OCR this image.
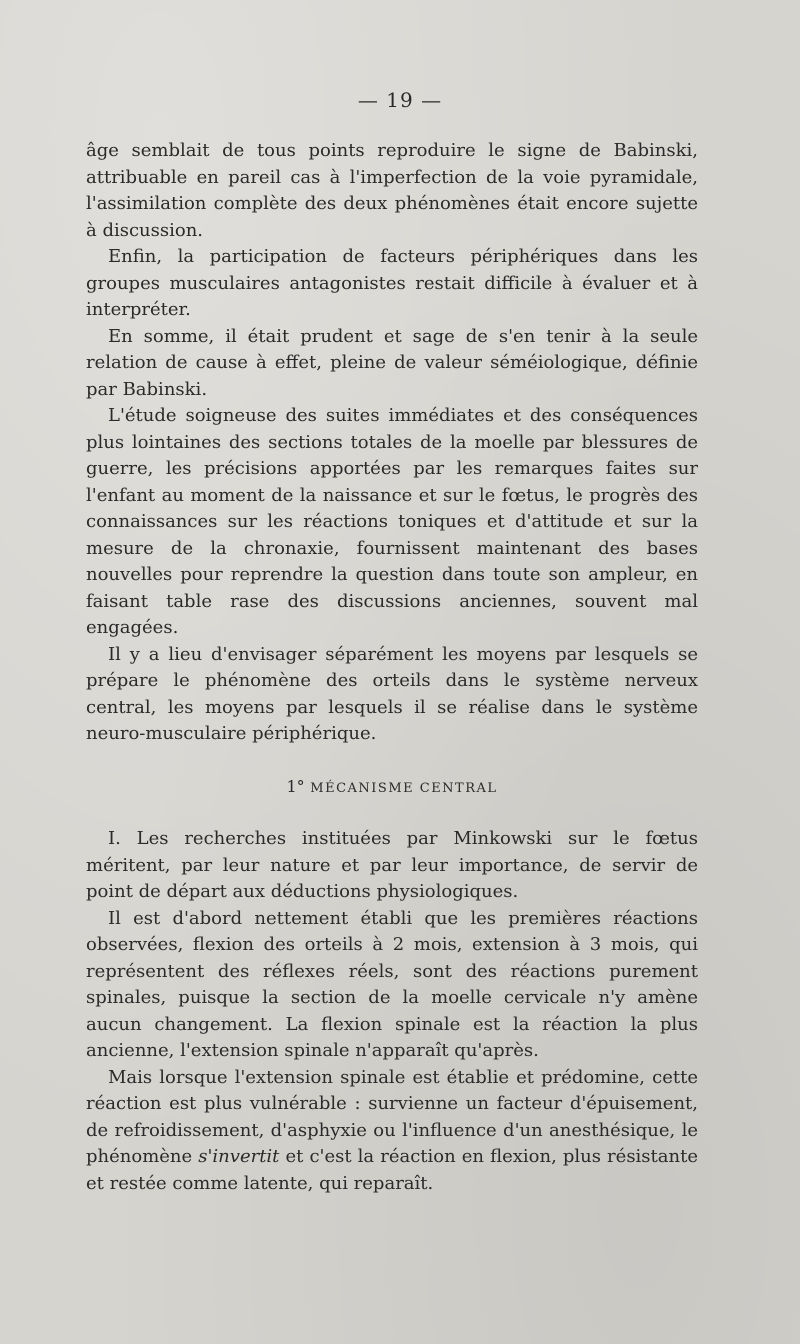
— 19 —

âge semblait de tous points reproduire le signe de Babinski, attribuable en pareil cas à l'imperfection de la voie pyramidale, l'assimilation complète des deux phénomènes était encore sujette à discussion.

Enfin, la participation de facteurs périphériques dans les groupes musculaires antagonistes restait difficile à évaluer et à interpréter.

En somme, il était prudent et sage de s'en tenir à la seule relation de cause à effet, pleine de valeur séméiologique, définie par Babinski.

L'étude soigneuse des suites immédiates et des conséquences plus lointaines des sections totales de la moelle par blessures de guerre, les précisions apportées par les remarques faites sur l'enfant au moment de la naissance et sur le fœtus, le progrès des connaissances sur les réactions toniques et d'attitude et sur la mesure de la chronaxie, fournissent maintenant des bases nouvelles pour reprendre la question dans toute son ampleur, en faisant table rase des discussions anciennes, souvent mal engagées.

Il y a lieu d'envisager séparément les moyens par lesquels se prépare le phénomène des orteils dans le système nerveux central, les moyens par lesquels il se réalise dans le système neuro-musculaire périphérique.

1° MÉCANISME CENTRAL

I. Les recherches instituées par Minkowski sur le fœtus méritent, par leur nature et par leur importance, de servir de point de départ aux déductions physiologiques.

Il est d'abord nettement établi que les premières réactions observées, flexion des orteils à 2 mois, extension à 3 mois, qui représentent des réflexes réels, sont des réactions purement spinales, puisque la section de la moelle cervicale n'y amène aucun changement. La flexion spinale est la réaction la plus ancienne, l'extension spinale n'apparaît qu'après.

Mais lorsque l'extension spinale est établie et prédomine, cette réaction est plus vulnérable : survienne un facteur d'épuisement, de refroidissement, d'asphyxie ou l'influence d'un anesthésique, le phénomène s'invertit et c'est la réaction en flexion, plus résistante et restée comme latente, qui reparaît.
